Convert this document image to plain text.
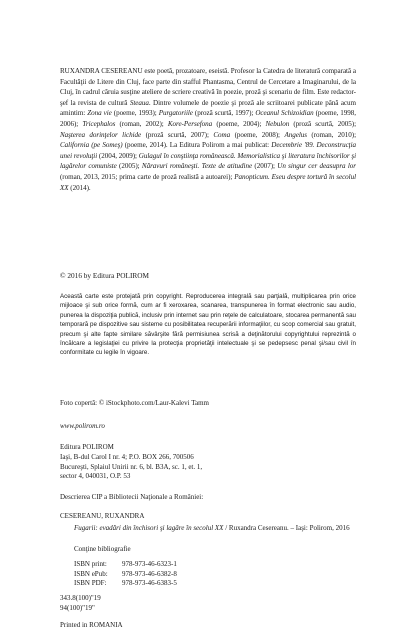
RUXANDRA CESEREANU este poetă, prozatoare, eseistă. Profesor la Catedra de literatură comparată a Facultăţii de Litere din Cluj, face parte din stafful Phantasma, Centrul de Cercetare a Imaginarului, de la Cluj, în cadrul căruia susţine ateliere de scriere creativă în poezie, proză şi scenariu de film. Este redactor-şef la revista de cultură Steaua. Dintre volumele de poezie şi proză ale scriitoarei publicate până acum amintim: Zona vie (poeme, 1993); Purgatoriile (proză scurtă, 1997); Oceanul Schizoidian (poeme, 1998, 2006); Tricephalos (roman, 2002); Kore-Persefona (poeme, 2004); Nebulon (proză scurtă, 2005); Naşterea dorinţelor lichide (proză scurtă, 2007); Coma (poeme, 2008); Angelus (roman, 2010); California (pe Someş) (poeme, 2014). La Editura Polirom a mai publicat: Decembrie '89. Deconstrucţia unei revoluţii (2004, 2009); Gulagul în conştiinţa românească. Memorialistica şi literatura închisorilor şi lagărelor comuniste (2005); Năravuri româneşti. Texte de atitudine (2007); Un singur cer deasupra lor (roman, 2013, 2015; prima carte de proză realistă a autoarei); Panopticum. Eseu despre tortură în secolul XX (2014).
© 2016 by Editura POLIROM
Această carte este protejată prin copyright. Reproducerea integrală sau parţială, multiplicarea prin orice mijloace şi sub orice formă, cum ar fi xeroxarea, scanarea, transpunerea în format electronic sau audio, punerea la dispoziţia publică, inclusiv prin internet sau prin reţele de calculatoare, stocarea permanentă sau temporară pe dispozitive sau sisteme cu posibilitatea recuperării informaţiilor, cu scop comercial sau gratuit, precum şi alte fapte similare săvârşite fără permisiunea scrisă a deţinătorului copyrightului reprezintă o încălcare a legislaţiei cu privire la protecţia proprietăţii intelectuale şi se pedepsesc penal şi/sau civil în conformitate cu legile în vigoare.
Foto copertă: © iStockphoto.com/Laur-Kalevi Tamm
www.polirom.ro
Editura POLIROM
Iaşi, B-dul Carol I nr. 4; P.O. BOX 266, 700506
Bucureşti, Splaiul Unirii nr. 6, bl. B3A, sc. 1, et. 1,
sector 4, 040031, O.P. 53
Descrierea CIP a Bibliotecii Naţionale a României:
CESEREANU, RUXANDRA
Fugarii: evadări din închisori şi lagăre în secolul XX / Ruxandra Cesereanu. – Iaşi: Polirom, 2016
Conţine bibliografie
ISBN print: 978-973-46-6323-1
ISBN ePub: 978-973-46-6382-8
ISBN PDF: 978-973-46-6383-5
343.8(100)"19
94(100)"19"
Printed in ROMANIA
